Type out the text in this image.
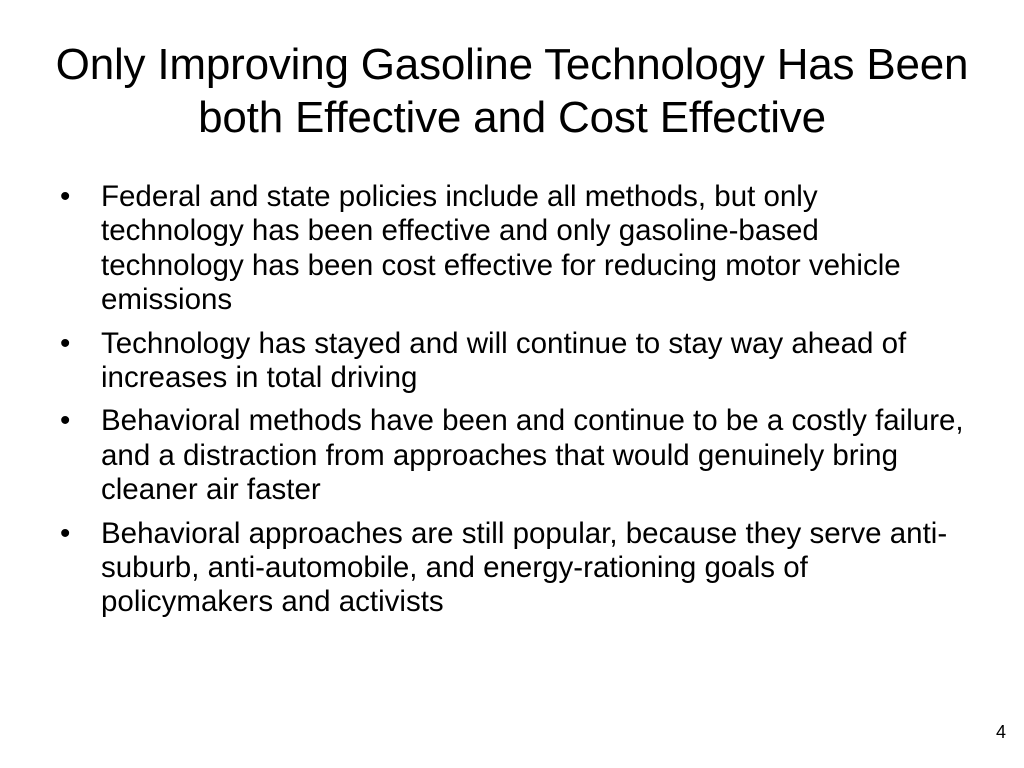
Only Improving Gasoline Technology Has Been both Effective and Cost Effective
• Federal and state policies include all methods, but only technology has been effective and only gasoline-based technology has been cost effective for reducing motor vehicle emissions
• Technology has stayed and will continue to stay way ahead of increases in total driving
• Behavioral methods have been and continue to be a costly failure, and a distraction from approaches that would genuinely bring cleaner air faster
• Behavioral approaches are still popular, because they serve anti-suburb, anti-automobile, and energy-rationing goals of policymakers and activists
4
